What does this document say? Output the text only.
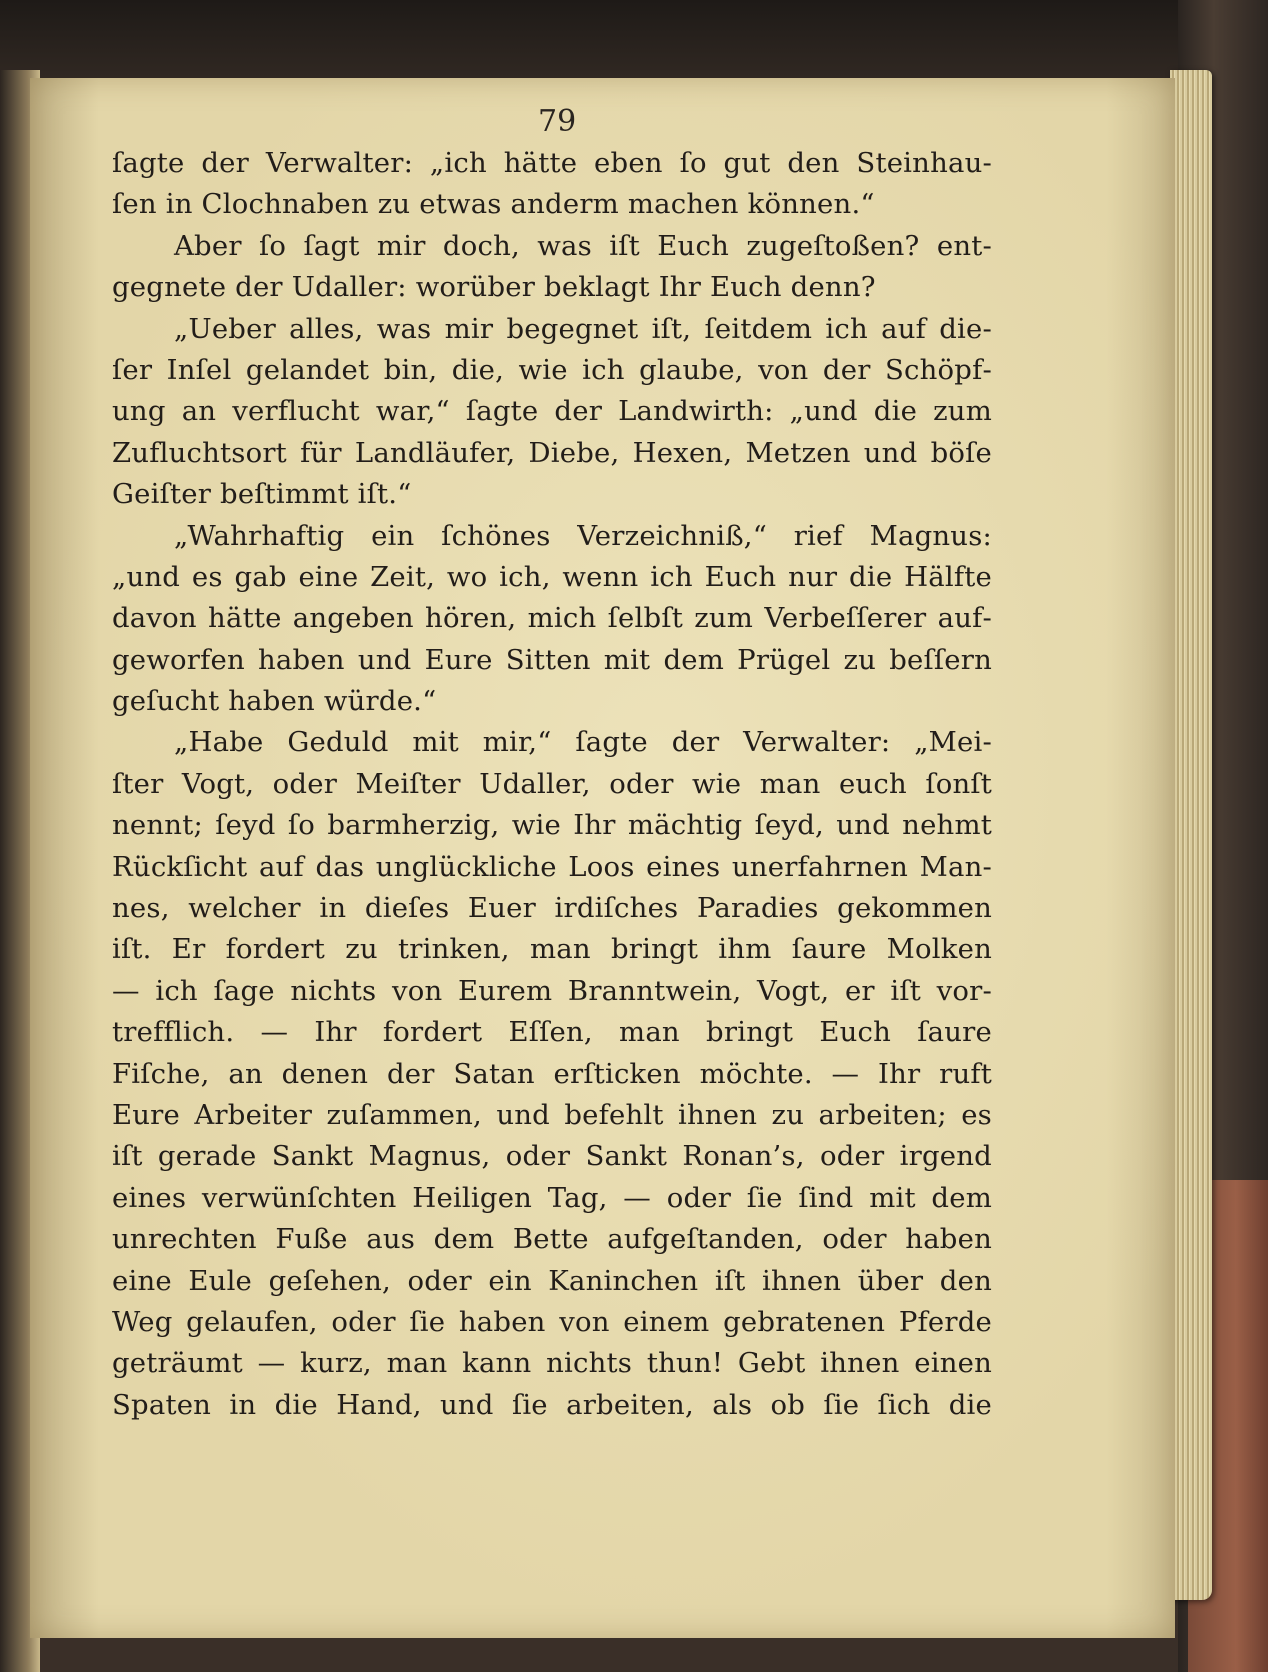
79
ſagte der Verwalter: „ich hätte eben ſo gut den Steinhau‐
ſen in Clochnaben zu etwas anderm machen können.“
Aber ſo ſagt mir doch, was iſt Euch zugeſtoßen? ent‐
gegnete der Udaller: worüber beklagt Ihr Euch denn?
„Ueber alles, was mir begegnet iſt, ſeitdem ich auf die‐
ſer Inſel gelandet bin, die, wie ich glaube, von der Schöpf‐
ung an verflucht war,“ ſagte der Landwirth: „und die zum
Zufluchtsort für Landläufer, Diebe, Hexen, Metzen und böſe
Geiſter beſtimmt iſt.“
„Wahrhaftig ein ſchönes Verzeichniß,“ rief Magnus:
„und es gab eine Zeit, wo ich, wenn ich Euch nur die Hälfte
davon hätte angeben hören, mich ſelbſt zum Verbeſſerer auf‐
geworfen haben und Eure Sitten mit dem Prügel zu beſſern
geſucht haben würde.“
„Habe Geduld mit mir,“ ſagte der Verwalter: „Mei‐
ſter Vogt, oder Meiſter Udaller, oder wie man euch ſonſt
nennt; ſeyd ſo barmherzig, wie Ihr mächtig ſeyd, und nehmt
Rückſicht auf das unglückliche Loos eines unerfahrnen Man‐
nes, welcher in dieſes Euer irdiſches Paradies gekommen
iſt. Er fordert zu trinken, man bringt ihm ſaure Molken
— ich ſage nichts von Eurem Branntwein, Vogt, er iſt vor‐
trefflich. — Ihr fordert Eſſen, man bringt Euch ſaure
Fiſche, an denen der Satan erſticken möchte. — Ihr ruft
Eure Arbeiter zuſammen, und befehlt ihnen zu arbeiten; es
iſt gerade Sankt Magnus, oder Sankt Ronan’s, oder irgend
eines verwünſchten Heiligen Tag, — oder ſie ſind mit dem
unrechten Fuße aus dem Bette aufgeſtanden, oder haben
eine Eule geſehen, oder ein Kaninchen iſt ihnen über den
Weg gelaufen, oder ſie haben von einem gebratenen Pferde
geträumt — kurz, man kann nichts thun! Gebt ihnen einen
Spaten in die Hand, und ſie arbeiten, als ob ſie ſich die
